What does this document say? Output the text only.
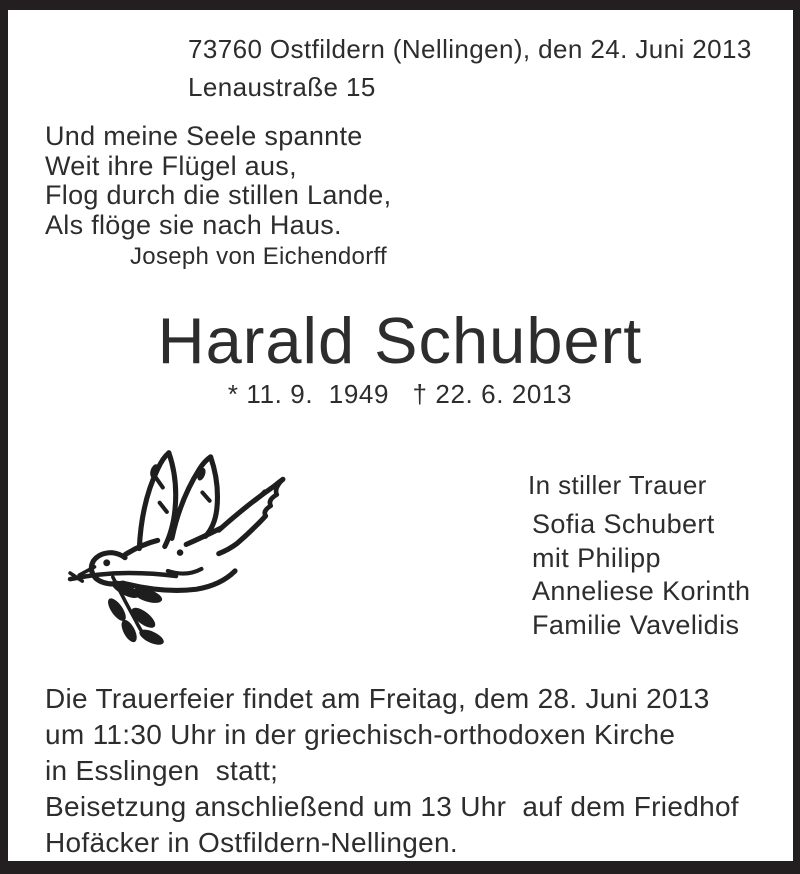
73760 Ostfildern (Nellingen), den 24. Juni 2013
Lenaustraße 15
Und meine Seele spannte
Weit ihre Flügel aus,
Flog durch die stillen Lande,
Als flöge sie nach Haus.
Joseph von Eichendorff
Harald Schubert
* 11. 9.  1949   † 22. 6. 2013
In stiller Trauer
Sofia Schubert
mit Philipp
Anneliese Korinth
Familie Vavelidis
Die Trauerfeier findet am Freitag, dem 28. Juni 2013
um 11:30 Uhr in der griechisch-orthodoxen Kirche
in Esslingen  statt;
Beisetzung anschließend um 13 Uhr  auf dem Friedhof
Hofäcker in Ostfildern-Nellingen.
